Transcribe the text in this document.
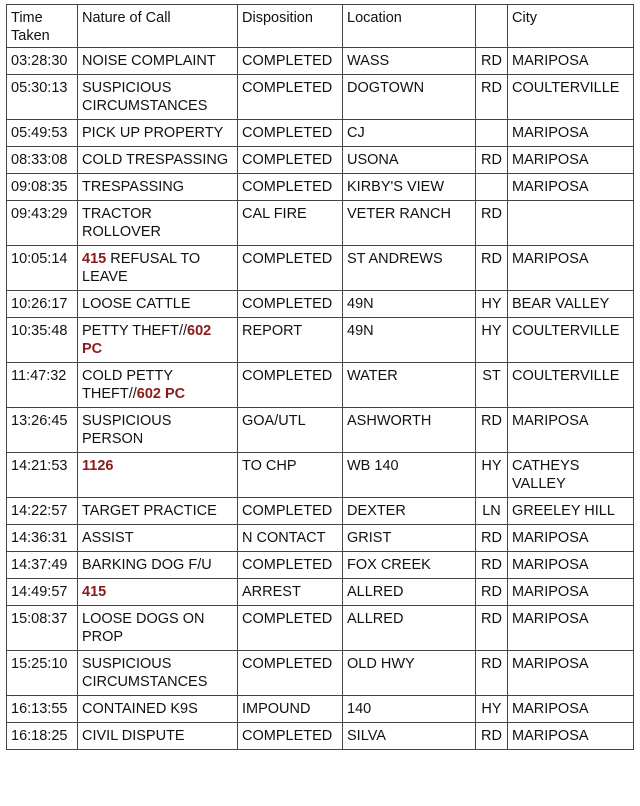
Time Taken	Nature of Call	Disposition	Location		City
03:28:30	NOISE COMPLAINT	COMPLETED	WASS	RD	MARIPOSA
05:30:13	SUSPICIOUS CIRCUMSTANCES	COMPLETED	DOGTOWN	RD	COULTERVILLE
05:49:53	PICK UP PROPERTY	COMPLETED	CJ		MARIPOSA
08:33:08	COLD TRESPASSING	COMPLETED	USONA	RD	MARIPOSA
09:08:35	TRESPASSING	COMPLETED	KIRBY'S VIEW		MARIPOSA
09:43:29	TRACTOR ROLLOVER	CAL FIRE	VETER RANCH	RD	
10:05:14	415 REFUSAL TO LEAVE	COMPLETED	ST ANDREWS	RD	MARIPOSA
10:26:17	LOOSE CATTLE	COMPLETED	49N	HY	BEAR VALLEY
10:35:48	PETTY THEFT//602 PC	REPORT	49N	HY	COULTERVILLE
11:47:32	COLD PETTY THEFT//602 PC	COMPLETED	WATER	ST	COULTERVILLE
13:26:45	SUSPICIOUS PERSON	GOA/UTL	ASHWORTH	RD	MARIPOSA
14:21:53	1126	TO CHP	WB 140	HY	CATHEYS VALLEY
14:22:57	TARGET PRACTICE	COMPLETED	DEXTER	LN	GREELEY HILL
14:36:31	ASSIST	N CONTACT	GRIST	RD	MARIPOSA
14:37:49	BARKING DOG F/U	COMPLETED	FOX CREEK	RD	MARIPOSA
14:49:57	415	ARREST	ALLRED	RD	MARIPOSA
15:08:37	LOOSE DOGS ON PROP	COMPLETED	ALLRED	RD	MARIPOSA
15:25:10	SUSPICIOUS CIRCUMSTANCES	COMPLETED	OLD HWY	RD	MARIPOSA
16:13:55	CONTAINED K9S	IMPOUND	140	HY	MARIPOSA
16:18:25	CIVIL DISPUTE	COMPLETED	SILVA	RD	MARIPOSA
